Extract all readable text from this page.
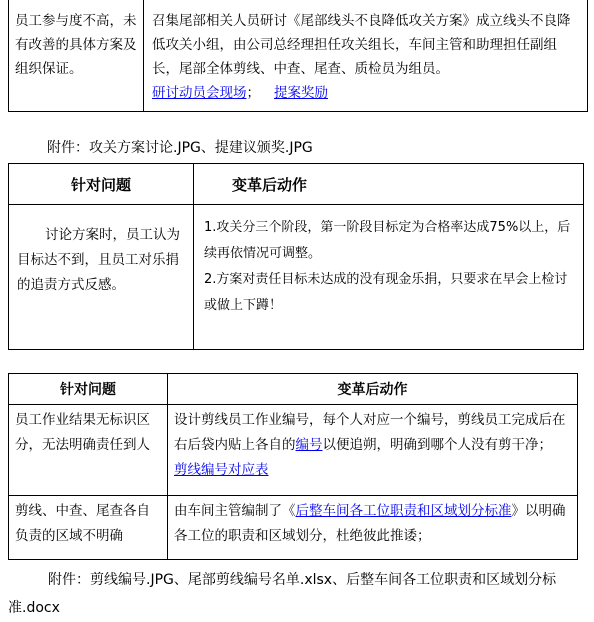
员工参与度不高，未有改善的具体方案及组织保证。	召集尾部相关人员研讨《尾部线头不良降低攻关方案》成立线头不良降低攻关小组，由公司总经理担任攻关组长，车间主管和助理担任副组长，尾部全体剪线、中查、尾查、质检员为组员。
研讨动员会现场； 提案奖励
附件：攻关方案讨论.JPG、提建议颁奖.JPG
针对问题	变革后动作
讨论方案时，员工认为目标达不到，且员工对乐捐的追责方式反感。	1.攻关分三个阶段，第一阶段目标定为合格率达成75%以上，后续再依情况可调整。
2.方案对责任目标未达成的没有现金乐捐，只要求在早会上检讨或做上下蹲！
针对问题	变革后动作
员工作业结果无标识区分，无法明确责任到人	设计剪线员工作业编号，每个人对应一个编号，剪线员工完成后在右后袋内贴上各自的编号以便追朔，明确到哪个人没有剪干净；
剪线编号对应表
剪线、中查、尾查各自负责的区域不明确	由车间主管编制了《后整车间各工位职责和区域划分标准》以明确各工位的职责和区域划分，杜绝彼此推诿；
附件：剪线编号.JPG、尾部剪线编号名单.xlsx、后整车间各工位职责和区域划分标准.docx
